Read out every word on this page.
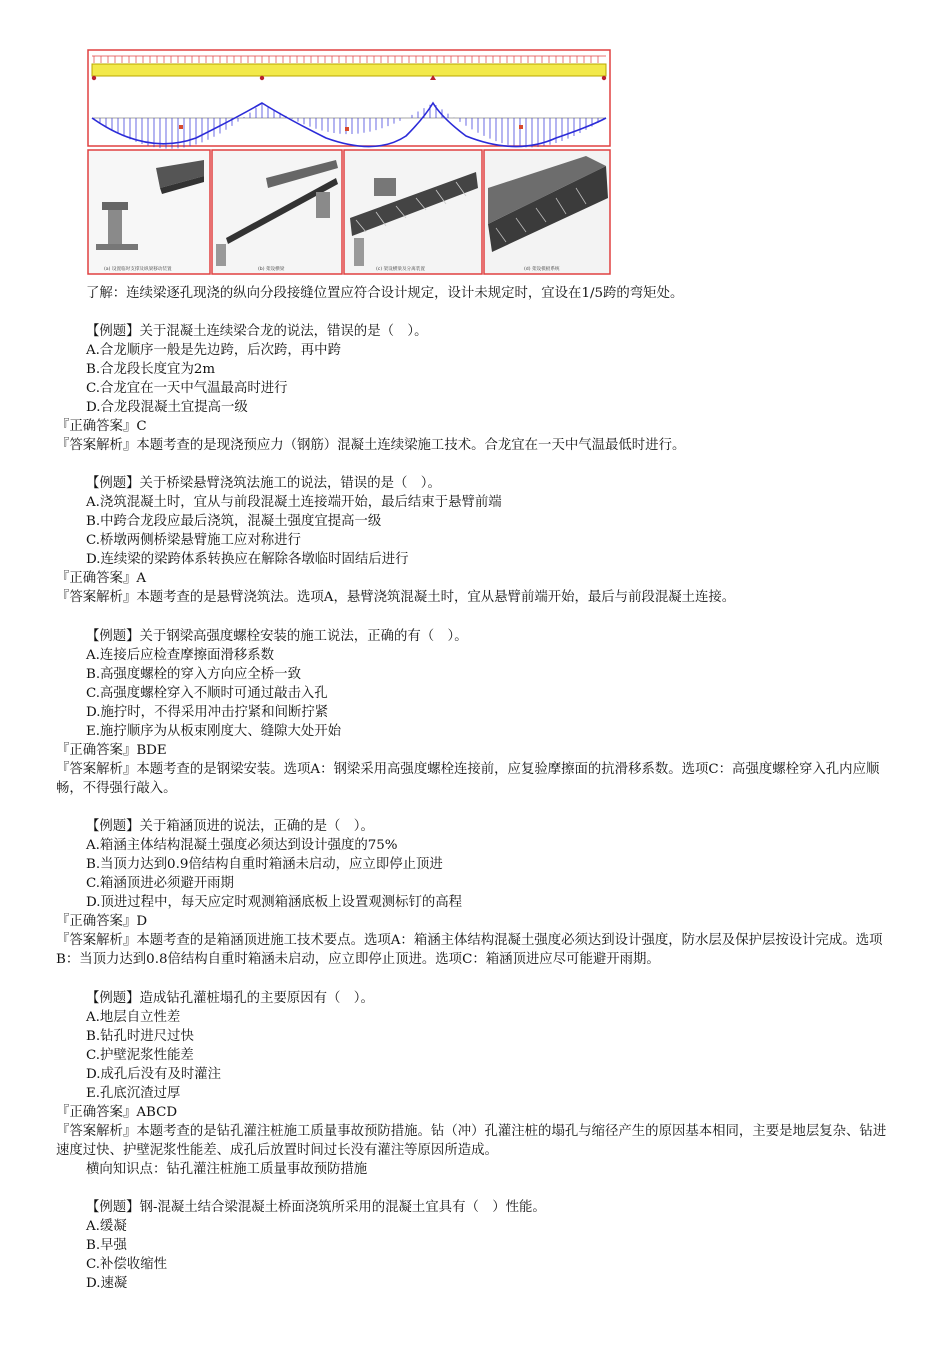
(a) 设置临时支撑及纵梁移动装置	(b) 架设横梁	(c) 架设横梁及分离装置	(d) 架设模板系统
了解：连续梁逐孔现浇的纵向分段接缝位置应符合设计规定，设计未规定时，宜设在1/5跨的弯矩处。
【例题】关于混凝土连续梁合龙的说法，错误的是（　）。
A.合龙顺序一般是先边跨，后次跨，再中跨
B.合龙段长度宜为2m
C.合龙宜在一天中气温最高时进行
D.合龙段混凝土宜提高一级
『正确答案』C
『答案解析』本题考查的是现浇预应力（钢筋）混凝土连续梁施工技术。合龙宜在一天中气温最低时进行。
【例题】关于桥梁悬臂浇筑法施工的说法，错误的是（　）。
A.浇筑混凝土时，宜从与前段混凝土连接端开始，最后结束于悬臂前端
B.中跨合龙段应最后浇筑，混凝土强度宜提高一级
C.桥墩两侧桥梁悬臂施工应对称进行
D.连续梁的梁跨体系转换应在解除各墩临时固结后进行
『正确答案』A
『答案解析』本题考查的是悬臂浇筑法。选项A，悬臂浇筑混凝土时，宜从悬臂前端开始，最后与前段混凝土连接。
【例题】关于钢梁高强度螺栓安装的施工说法，正确的有（　）。
A.连接后应检查摩擦面滑移系数
B.高强度螺栓的穿入方向应全桥一致
C.高强度螺栓穿入不顺时可通过敲击入孔
D.施拧时，不得采用冲击拧紧和间断拧紧
E.施拧顺序为从板束刚度大、缝隙大处开始
『正确答案』BDE
『答案解析』本题考查的是钢梁安装。选项A：钢梁采用高强度螺栓连接前，应复验摩擦面的抗滑移系数。选项C：高强度螺栓穿入孔内应顺畅，不得强行敲入。
【例题】关于箱涵顶进的说法，正确的是（　）。
A.箱涵主体结构混凝土强度必须达到设计强度的75%
B.当顶力达到0.9倍结构自重时箱涵未启动，应立即停止顶进
C.箱涵顶进必须避开雨期
D.顶进过程中，每天应定时观测箱涵底板上设置观测标钉的高程
『正确答案』D
『答案解析』本题考查的是箱涵顶进施工技术要点。选项A：箱涵主体结构混凝土强度必须达到设计强度，防水层及保护层按设计完成。选项B：当顶力达到0.8倍结构自重时箱涵未启动，应立即停止顶进。选项C：箱涵顶进应尽可能避开雨期。
【例题】造成钻孔灌桩塌孔的主要原因有（　）。
A.地层自立性差
B.钻孔时进尺过快
C.护壁泥浆性能差
D.成孔后没有及时灌注
E.孔底沉渣过厚
『正确答案』ABCD
『答案解析』本题考查的是钻孔灌注桩施工质量事故预防措施。钻（冲）孔灌注桩的塌孔与缩径产生的原因基本相同，主要是地层复杂、钻进速度过快、护壁泥浆性能差、成孔后放置时间过长没有灌注等原因所造成。
横向知识点：钻孔灌注桩施工质量事故预防措施
【例题】钢-混凝土结合梁混凝土桥面浇筑所采用的混凝土宜具有（　）性能。
A.缓凝
B.早强
C.补偿收缩性
D.速凝
